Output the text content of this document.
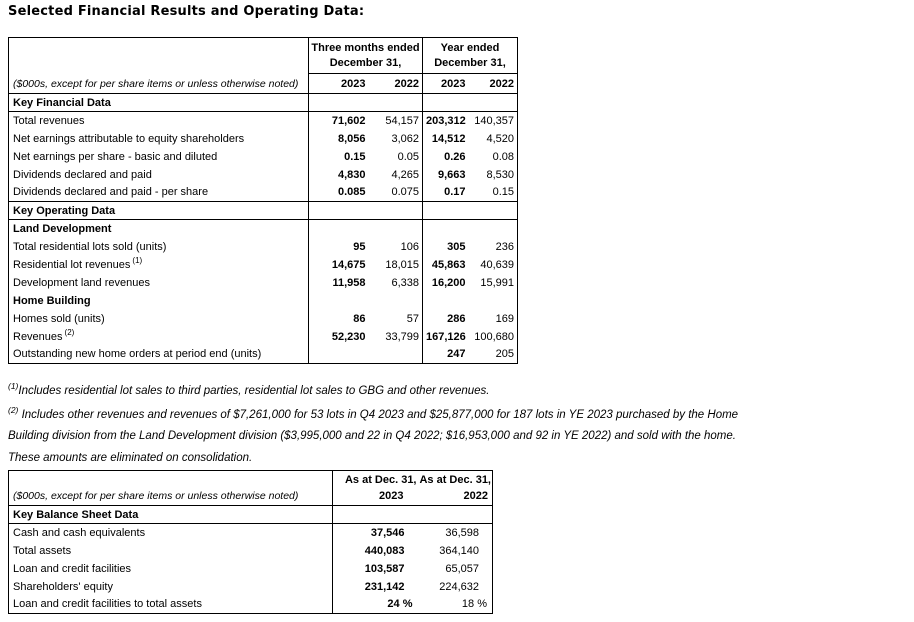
Selected Financial Results and Operating Data:
($000s, except for per share items or unless otherwise noted)	
Three months ended
December 31,

Year ended
December 31,

	2023	2022	2023	2022
Key Financial Data				
Total revenues	71,602	54,157	203,312	140,357
Net earnings attributable to equity shareholders	8,056	3,062	14,512	4,520
Net earnings per share - basic and diluted	0.15	0.05	0.26	0.08
Dividends declared and paid	4,830	4,265	9,663	8,530
Dividends declared and paid - per share	0.085	0.075	0.17	0.15
Key Operating Data				
Land Development				
Total residential lots sold (units)	95	106	305	236
Residential lot revenues $^{(1)}$	14,675	18,015	45,863	40,639
Development land revenues	11,958	6,338	16,200	15,991
Home Building				
Homes sold (units)	86	57	286	169
Revenues $^{(2)}$	52,230	33,799	167,126	100,680
Outstanding new home orders at period end (units)			247	205

$^{(1)}$Includes residential lot sales to third parties, residential lot sales to GBG and other revenues.

$^{(2)}$ Includes other revenues and revenues of $7,261,000 for 53 lots in Q4 2023 and $25,877,000 for 187 lots in YE 2023 purchased by the Home Building division from the Land Development division ($3,995,000 and 22 in Q4 2022; $16,953,000 and 92 in YE 2022) and sold with the home. These amounts are eliminated on consolidation.

($000s, except for per share items or unless otherwise noted)	As at Dec. 31,	As at Dec. 31,
	2023	2022
Key Balance Sheet Data		
Cash and cash equivalents	37,546	36,598
Total assets	440,083	364,140
Loan and credit facilities	103,587	65,057
Shareholders' equity	231,142	224,632
Loan and credit facilities to total assets	24 %	18 %
